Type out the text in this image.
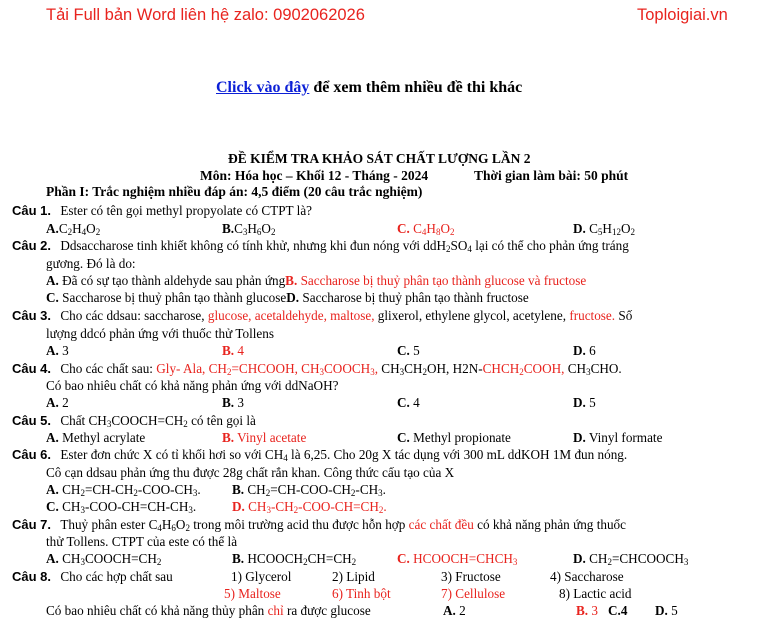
Tải Full bản Word liên hệ zalo: 0902062026	Toploigiai.vn
Click vào đây để xem thêm nhiều đề thi khác
ĐỀ KIỂM TRA KHẢO SÁT CHẤT LƯỢNG LẦN 2
Môn: Hóa học – Khối 12 - Tháng - 2024	Thời gian làm bài: 50 phút
Phần I: Trắc nghiệm nhiều đáp án: 4,5 điểm (20 câu trắc nghiệm)
Câu 1. Ester có tên gọi methyl propyolate có CTPT là?
$A.C_2H_4O_2$	$B.C_3H_6O_2$	C. $C_4H_8O_2$	D. $C_5H_{12}O_2$
Câu 2. Ddsaccharose tinh khiết không có tính khử, nhưng khi đun nóng với $ddH_2SO_4$ lại có thể cho phản ứng tráng
gương. Đó là do:
A. Đã có sự tạo thành aldehyde sau phản ứngB. Saccharose bị thuỷ phân tạo thành glucose và fructose
C. Saccharose bị thuỷ phân tạo thành glucoseD. Saccharose bị thuỷ phân tạo thành fructose
Câu 3. Cho các ddsau: saccharose, glucose, acetaldehyde, maltose, glixerol, ethylene glycol, acetylene, fructose. Số
lượng ddcó phản ứng với thuốc thử Tollens
A. 3	B. 4	C. 5	D. 6
Câu 4. Cho các chất sau: Gly- Ala, $CH_2=CHCOOH$, $CH_3COOCH_3$, $CH_3CH_2OH$, $H2N-CHCH_2COOH$, $CH_3CHO$.
Có bao nhiêu chất có khả năng phản ứng với ddNaOH?
A. 2	B. 3	C. 4	D. 5
Câu 5. Chất $CH_3COOCH=CH_2$ có tên gọi là
A. Methyl acrylate	B. Vinyl acetate	C. Methyl propionate	D. Vinyl formate
Câu 6. Ester đơn chức X có tỉ khối hơi so với $CH_4$ là 6,25. Cho 20g X tác dụng với 300 mL ddKOH 1M đun nóng.
Cô cạn ddsau phản ứng thu được 28g chất rắn khan. Công thức cấu tạo của X
A. $CH_2=CH-CH_2-COO-CH_3$. B. $CH_2=CH-COO-CH_2-CH_3$.
C. $CH_3-COO-CH=CH-CH_3$.	D. $CH_3-CH_2-COO-CH=CH_2$.
Câu 7. Thuỷ phân ester $C_4H_6O_2$ trong môi trường acid thu được hỗn hợp các chất đều có khả năng phản ứng thuốc
thử Tollens. CTPT của este có thể là
A. $CH_3COOCH=CH_2$	B. $HCOOCH_2CH=CH_2$	C. $HCOOCH=CHCH_3$	D. $CH_2=CHCOOCH_3$
Câu 8. Cho các hợp chất sau	1) Glycerol	2) Lipid	3) Fructose	4) Saccharose
5) Maltose	6) Tinh bột	7) Cellulose	8) Lactic acid
Có bao nhiêu chất có khả năng thủy phân chỉ ra được glucose	A. 2	B. 3 C.4 D. 5
